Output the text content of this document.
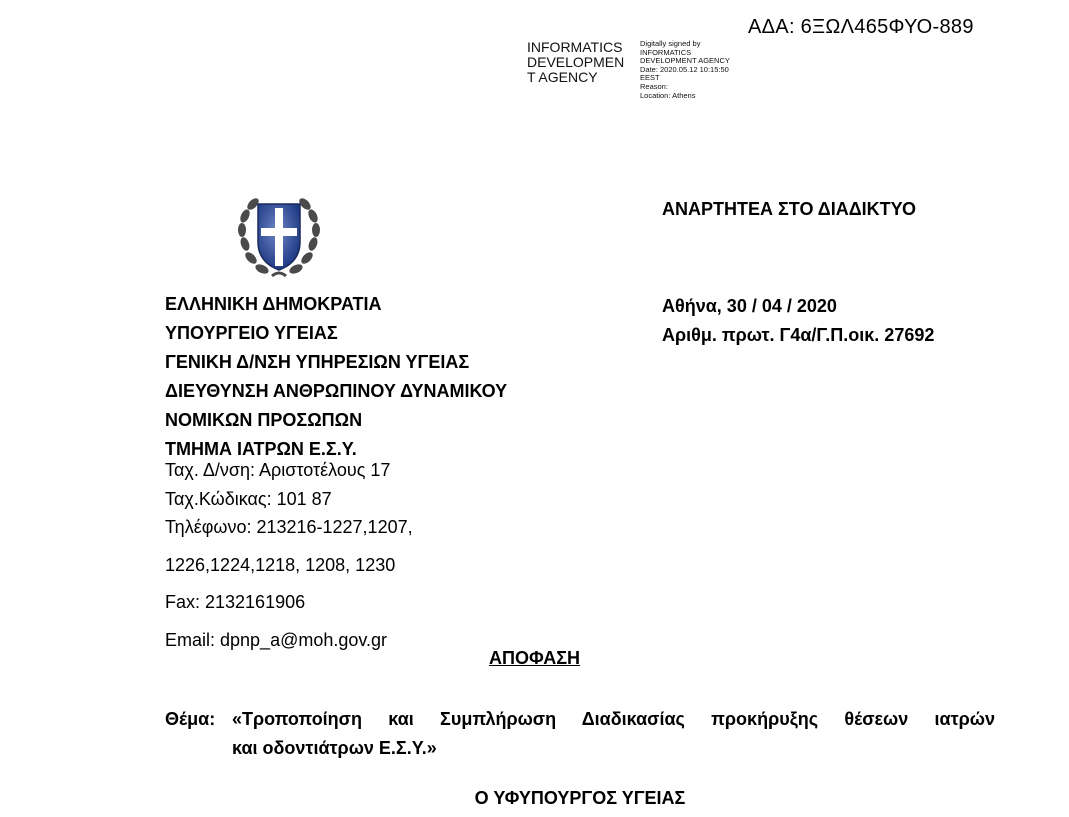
ΑΔΑ: 6ΞΩΛ465ΦΥΟ-889
INFORMATICS
DEVELOPMEN
T AGENCY
Digitally signed by
INFORMATICS
DEVELOPMENT AGENCY
Date: 2020.05.12 10:15:50
EEST
Reason:
Location: Athens
ΑΝΑΡΤΗΤΕΑ ΣΤΟ ΔΙΑΔΙΚΤΥΟ
Αθήνα, 30 / 04 / 2020
Αριθμ. πρωτ. Γ4α/Γ.Π.οικ. 27692
ΕΛΛΗΝΙΚΗ ΔΗΜΟΚΡΑΤΙΑ
ΥΠΟΥΡΓΕΙΟ ΥΓΕΙΑΣ
ΓΕΝΙΚΗ Δ/ΝΣΗ ΥΠΗΡΕΣΙΩΝ ΥΓΕΙΑΣ
ΔΙΕΥΘΥΝΣΗ ΑΝΘΡΩΠΙΝΟΥ ΔΥΝΑΜΙΚΟΥ
ΝΟΜΙΚΩΝ ΠΡΟΣΩΠΩΝ
ΤΜΗΜΑ ΙΑΤΡΩΝ Ε.Σ.Υ.
Ταχ. Δ/νση: Αριστοτέλους 17
Ταχ.Κώδικας: 101 87
Τηλέφωνο: 213216-1227,1207,
1226,1224,1218, 1208, 1230
Fax: 2132161906
Email: dpnp_a@moh.gov.gr
ΑΠΟΦΑΣΗ
Θέμα: «Τροποποίηση και Συμπλήρωση Διαδικασίας προκήρυξης θέσεων ιατρών
και οδοντιάτρων Ε.Σ.Υ.»
Ο ΥΦΥΠΟΥΡΓΟΣ ΥΓΕΙΑΣ
